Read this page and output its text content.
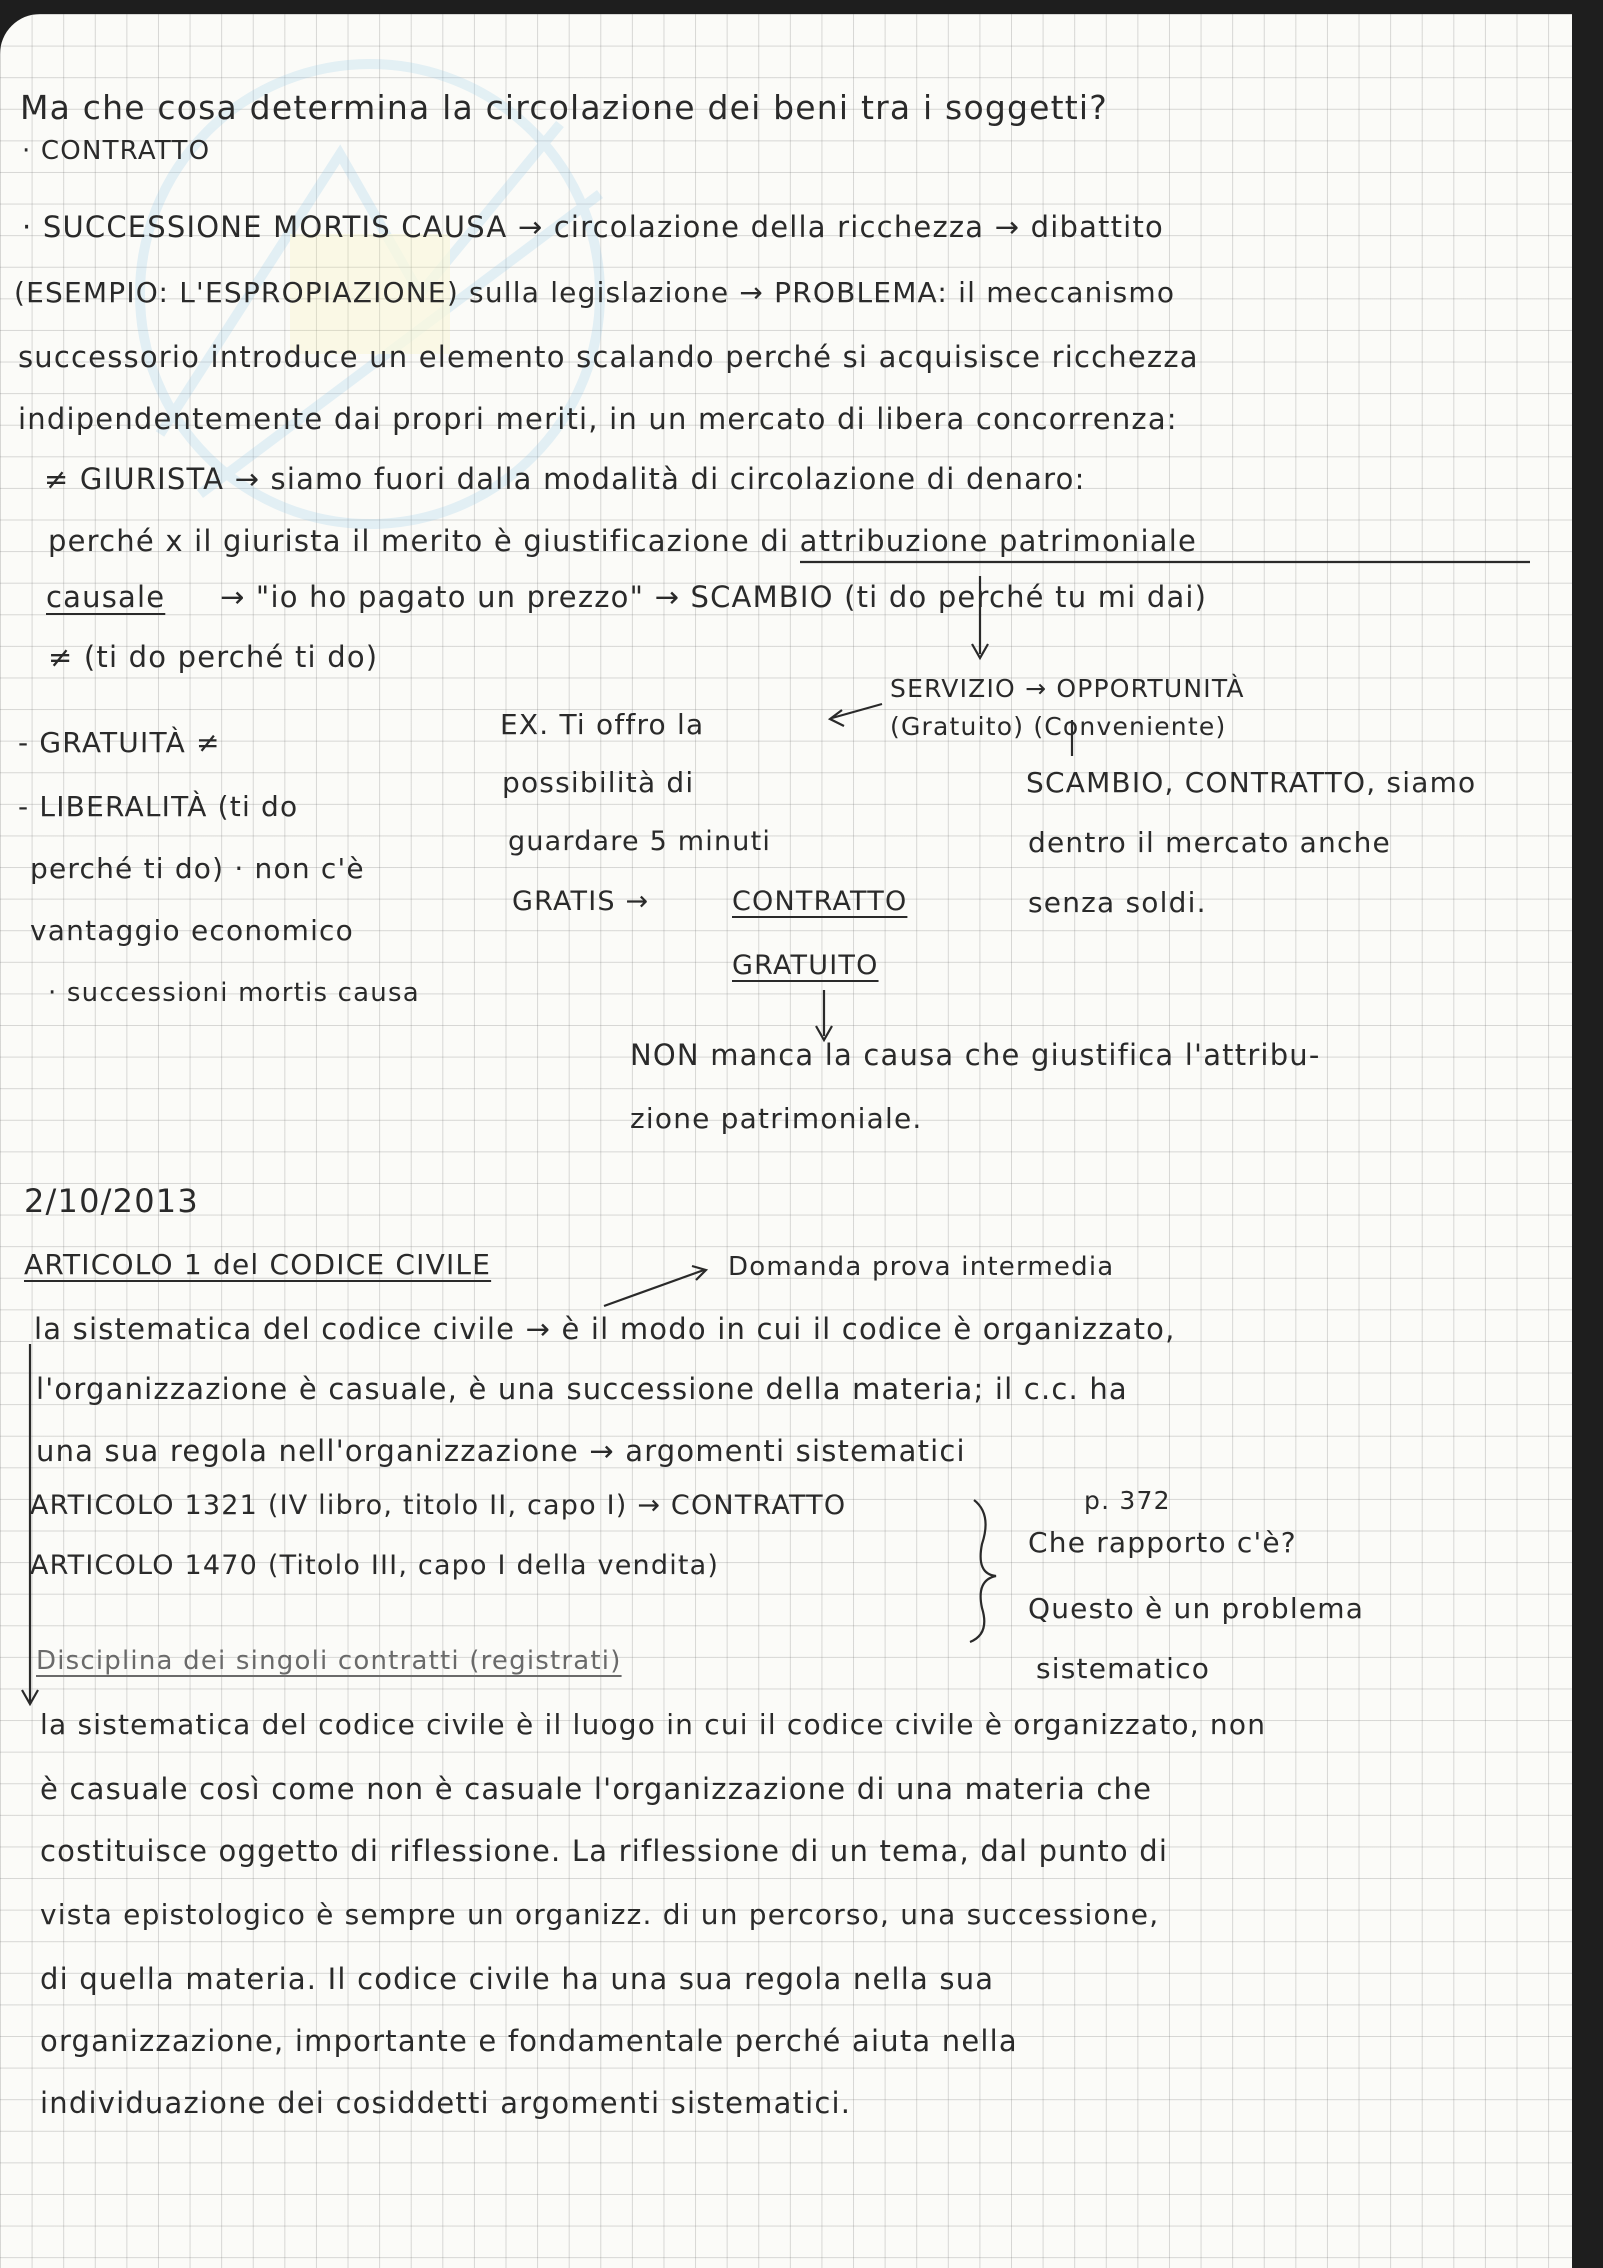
Ma che cosa determina la circolazione dei beni tra i soggetti?
· CONTRATTO
· SUCCESSIONE MORTIS CAUSA → circolazione della ricchezza → dibattito
(ESEMPIO: L'ESPROPIAZIONE) sulla legislazione → PROBLEMA: il meccanismo
successorio introduce un elemento scalando perché si acquisisce ricchezza
indipendentemente dai propri meriti, in un mercato di libera concorrenza:
≠ GIURISTA → siamo fuori dalla modalità di circolazione di denaro:
perché x il giurista il merito è giustificazione di attribuzione patrimoniale
causale → "io ho pagato un prezzo" → SCAMBIO (ti do perché tu mi dai)
≠ (ti do perché ti do)
- GRATUITÀ ≠
- LIBERALITÀ (ti do
perché ti do) · non c'è
vantaggio economico
· successioni mortis causa
EX. Ti offro la
possibilità di
guardare 5 minuti
GRATIS →	CONTRATTO
GRATUITO
SERVIZIO → OPPORTUNITÀ
(Gratuito) (Conveniente)
SCAMBIO, CONTRATTO, siamo
dentro il mercato anche
senza soldi.
NON manca la causa che giustifica l'attribu-
zione patrimoniale.
2/10/2013
ARTICOLO 1 del CODICE CIVILE	Domanda prova intermedia
la sistematica del codice civile → è il modo in cui il codice è organizzato,
l'organizzazione è casuale, è una successione della materia; il c.c. ha
una sua regola nell'organizzazione → argomenti sistematici
ARTICOLO 1321 (IV libro, titolo II, capo I) → CONTRATTO	p. 372
ARTICOLO 1470 (Titolo III, capo I della vendita)
Che rapporto c'è?
Questo è un problema
sistematico
Disciplina dei singoli contratti (registrati)
la sistematica del codice civile è il luogo in cui il codice civile è organizzato, non
è casuale così come non è casuale l'organizzazione di una materia che
costituisce oggetto di riflessione. La riflessione di un tema, dal punto di
vista epistologico è sempre un organizz. di un percorso, una successione,
di quella materia. Il codice civile ha una sua regola nella sua
organizzazione, importante e fondamentale perché aiuta nella
individuazione dei cosiddetti argomenti sistematici.
